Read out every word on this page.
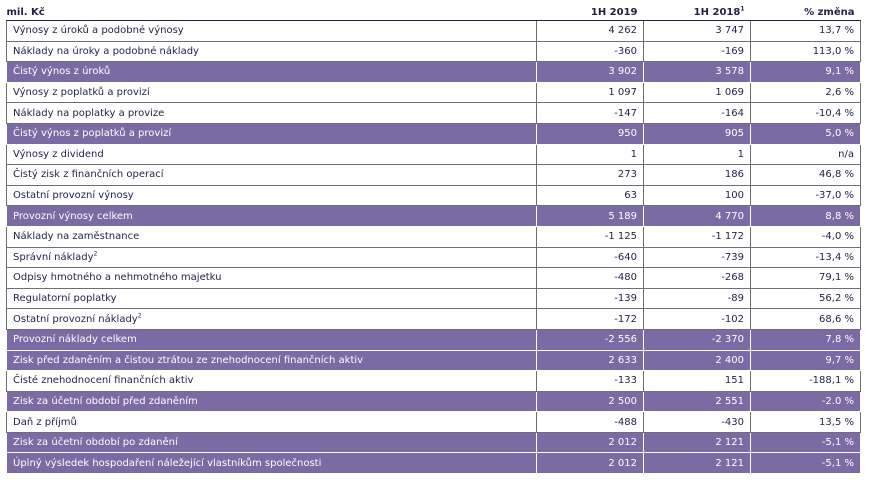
mil. Kč	1H 2019	1H 2018$^1$	% změna
Výnosy z úroků a podobné výnosy	4 262	3 747	13,7 %
Náklady na úroky a podobné náklady	-360	-169	113,0 %
Čistý výnos z úroků	3 902	3 578	9,1 %
Výnosy z poplatků a provizí	1 097	1 069	2,6 %
Náklady na poplatky a provize	-147	-164	-10,4 %
Čistý výnos z poplatků a provizí	950	905	5,0 %
Výnosy z dividend	1	1	n/a
Čistý zisk z finančních operací	273	186	46,8 %
Ostatní provozní výnosy	63	100	-37,0 %
Provozní výnosy celkem	5 189	4 770	8,8 %
Náklady na zaměstnance	-1 125	-1 172	-4,0 %
Správní náklady$^2$	-640	-739	-13,4 %
Odpisy hmotného a nehmotného majetku	-480	-268	79,1 %
Regulatorní poplatky	-139	-89	56,2 %
Ostatní provozní náklady$^2$	-172	-102	68,6 %
Provozní náklady celkem	-2 556	-2 370	7,8 %
Zisk před zdaněním a čistou ztrátou ze znehodnocení finančních aktiv	2 633	2 400	9,7 %
Čisté znehodnocení finančních aktiv	-133	151	-188,1 %
Zisk za účetní období před zdaněním	2 500	2 551	-2.0 %
Daň z příjmů	-488	-430	13,5 %
Zisk za účetní období po zdanění	2 012	2 121	-5,1 %
Úplný výsledek hospodaření náležející vlastníkům společnosti	2 012	2 121	-5,1 %
